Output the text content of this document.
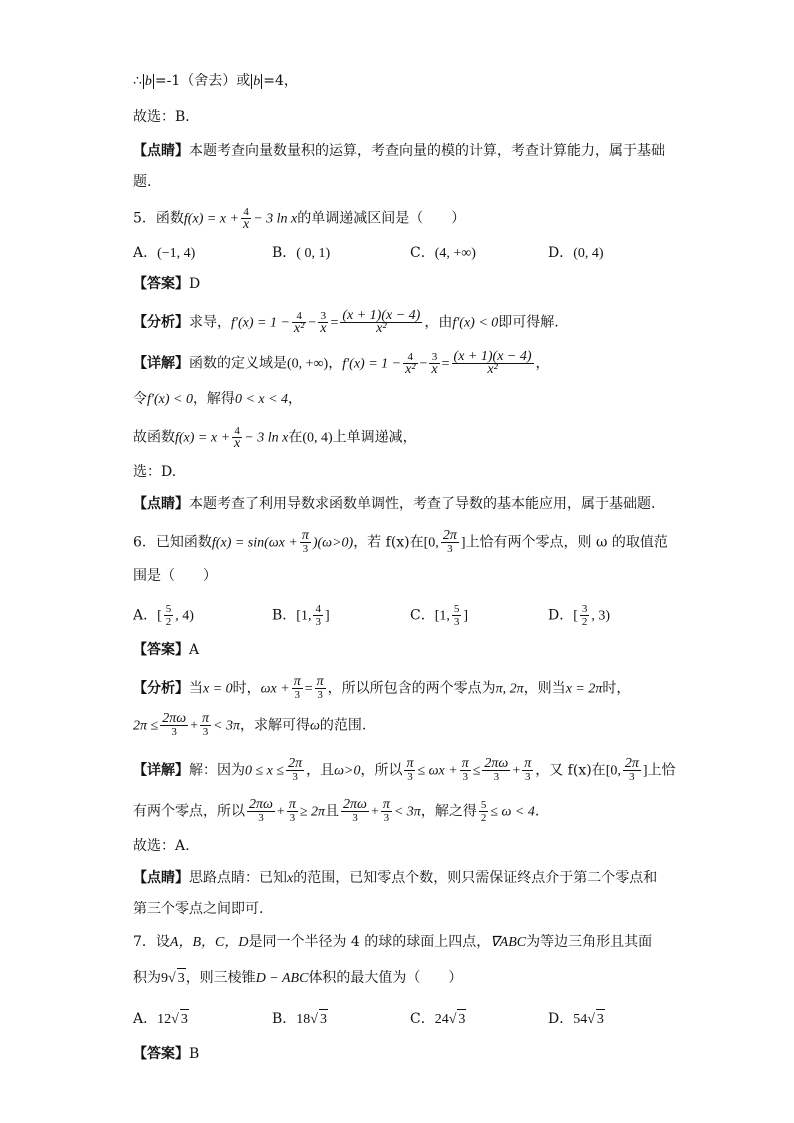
∴ b =-1（舍去）或 b =4，
故选：B．
【点睛】本题考查向量数量积的运算，考查向量的模的计算，考查计算能力，属于基础
题.
5．函数$f(x) = x + \frac{4}{x} - 3$ ln x的单调递减区间是（　　）
A．(−1, 4)	B．( 0, 1)	C．(4, +∞)	D．(0, 4)
【答案】D
【分析】求导，$f'(x) = 1 - \frac{4}{\text{x²}} - \frac{3}{x} = \frac{(x + 1)(x - 4)}{\text{x²}}$ ，由f′(x) < 0即可得解.
【详解】函数的定义域是(0, +∞)，$f'(x) = 1 - \frac{4}{\text{x²}} - \frac{3}{x} = \frac{(x + 1)(x - 4)}{\text{x²}}$ ，
令f′(x) < 0，解得0 < x < 4，
故函数$f(x) = x + \frac{4}{x} - 3$ ln x在(0, 4)上单调递减，
选：D.
【点睛】本题考查了利用导数求函数单调性，考查了导数的基本能应用，属于基础题.
6．已知函数$f(x) = \sin(\omega x + \frac{\pi}{3} )(\omega>0)$，若 f(x)在[0, $\frac{2\pi}{3}$ ]上恰有两个零点，则 ω 的取值范
围是（　　）
A．[ $\frac{5}{2}$ , 4)	B．[1, $\frac{4}{3}$ ]	C．[1, $\frac{5}{3}$ ]	D．[ $\frac{3}{2}$ , 3)
【答案】A
【分析】当x = 0时，$\omega x + \frac{\pi}{3} = \frac{\pi}{3}$ ，所以所包含的两个零点为π, 2π，则当x = 2π时，
$2\pi \le \frac{2\pi\omega}{3} + \frac{\pi}{3} < 3\pi$，求解可得ω的范围.
【详解】解：因为$0 \le x \le \frac{2\pi}{3}$ ，且ω>0，所以 $\frac{\pi}{3} \le \omega x + \frac{\pi}{3} \le \frac{2\pi\omega}{3} + \frac{\pi}{3}$ ，又 f(x)在[0, $\frac{2\pi}{3}$ ]上恰
有两个零点，所以 $\frac{2\pi\omega}{3} + \frac{\pi}{3} \ge 2\pi$且 $\frac{2\pi\omega}{3} + \frac{\pi}{3} < 3\pi$，解之得 $\frac{5}{2} \le \omega < 4$.
故选：A.
【点睛】思路点睛：已知x的范围，已知零点个数，则只需保证终点介于第二个零点和
第三个零点之间即可.
7．设A，B，C，D是同一个半径为 4 的球的球面上四点，∇ABC为等边三角形且其面
积为9√ 3，则三棱锥D − ABC体积的最大值为（　　）
A．12√ 3	B．18√ 3	C．24√ 3	D．54√ 3
【答案】B
